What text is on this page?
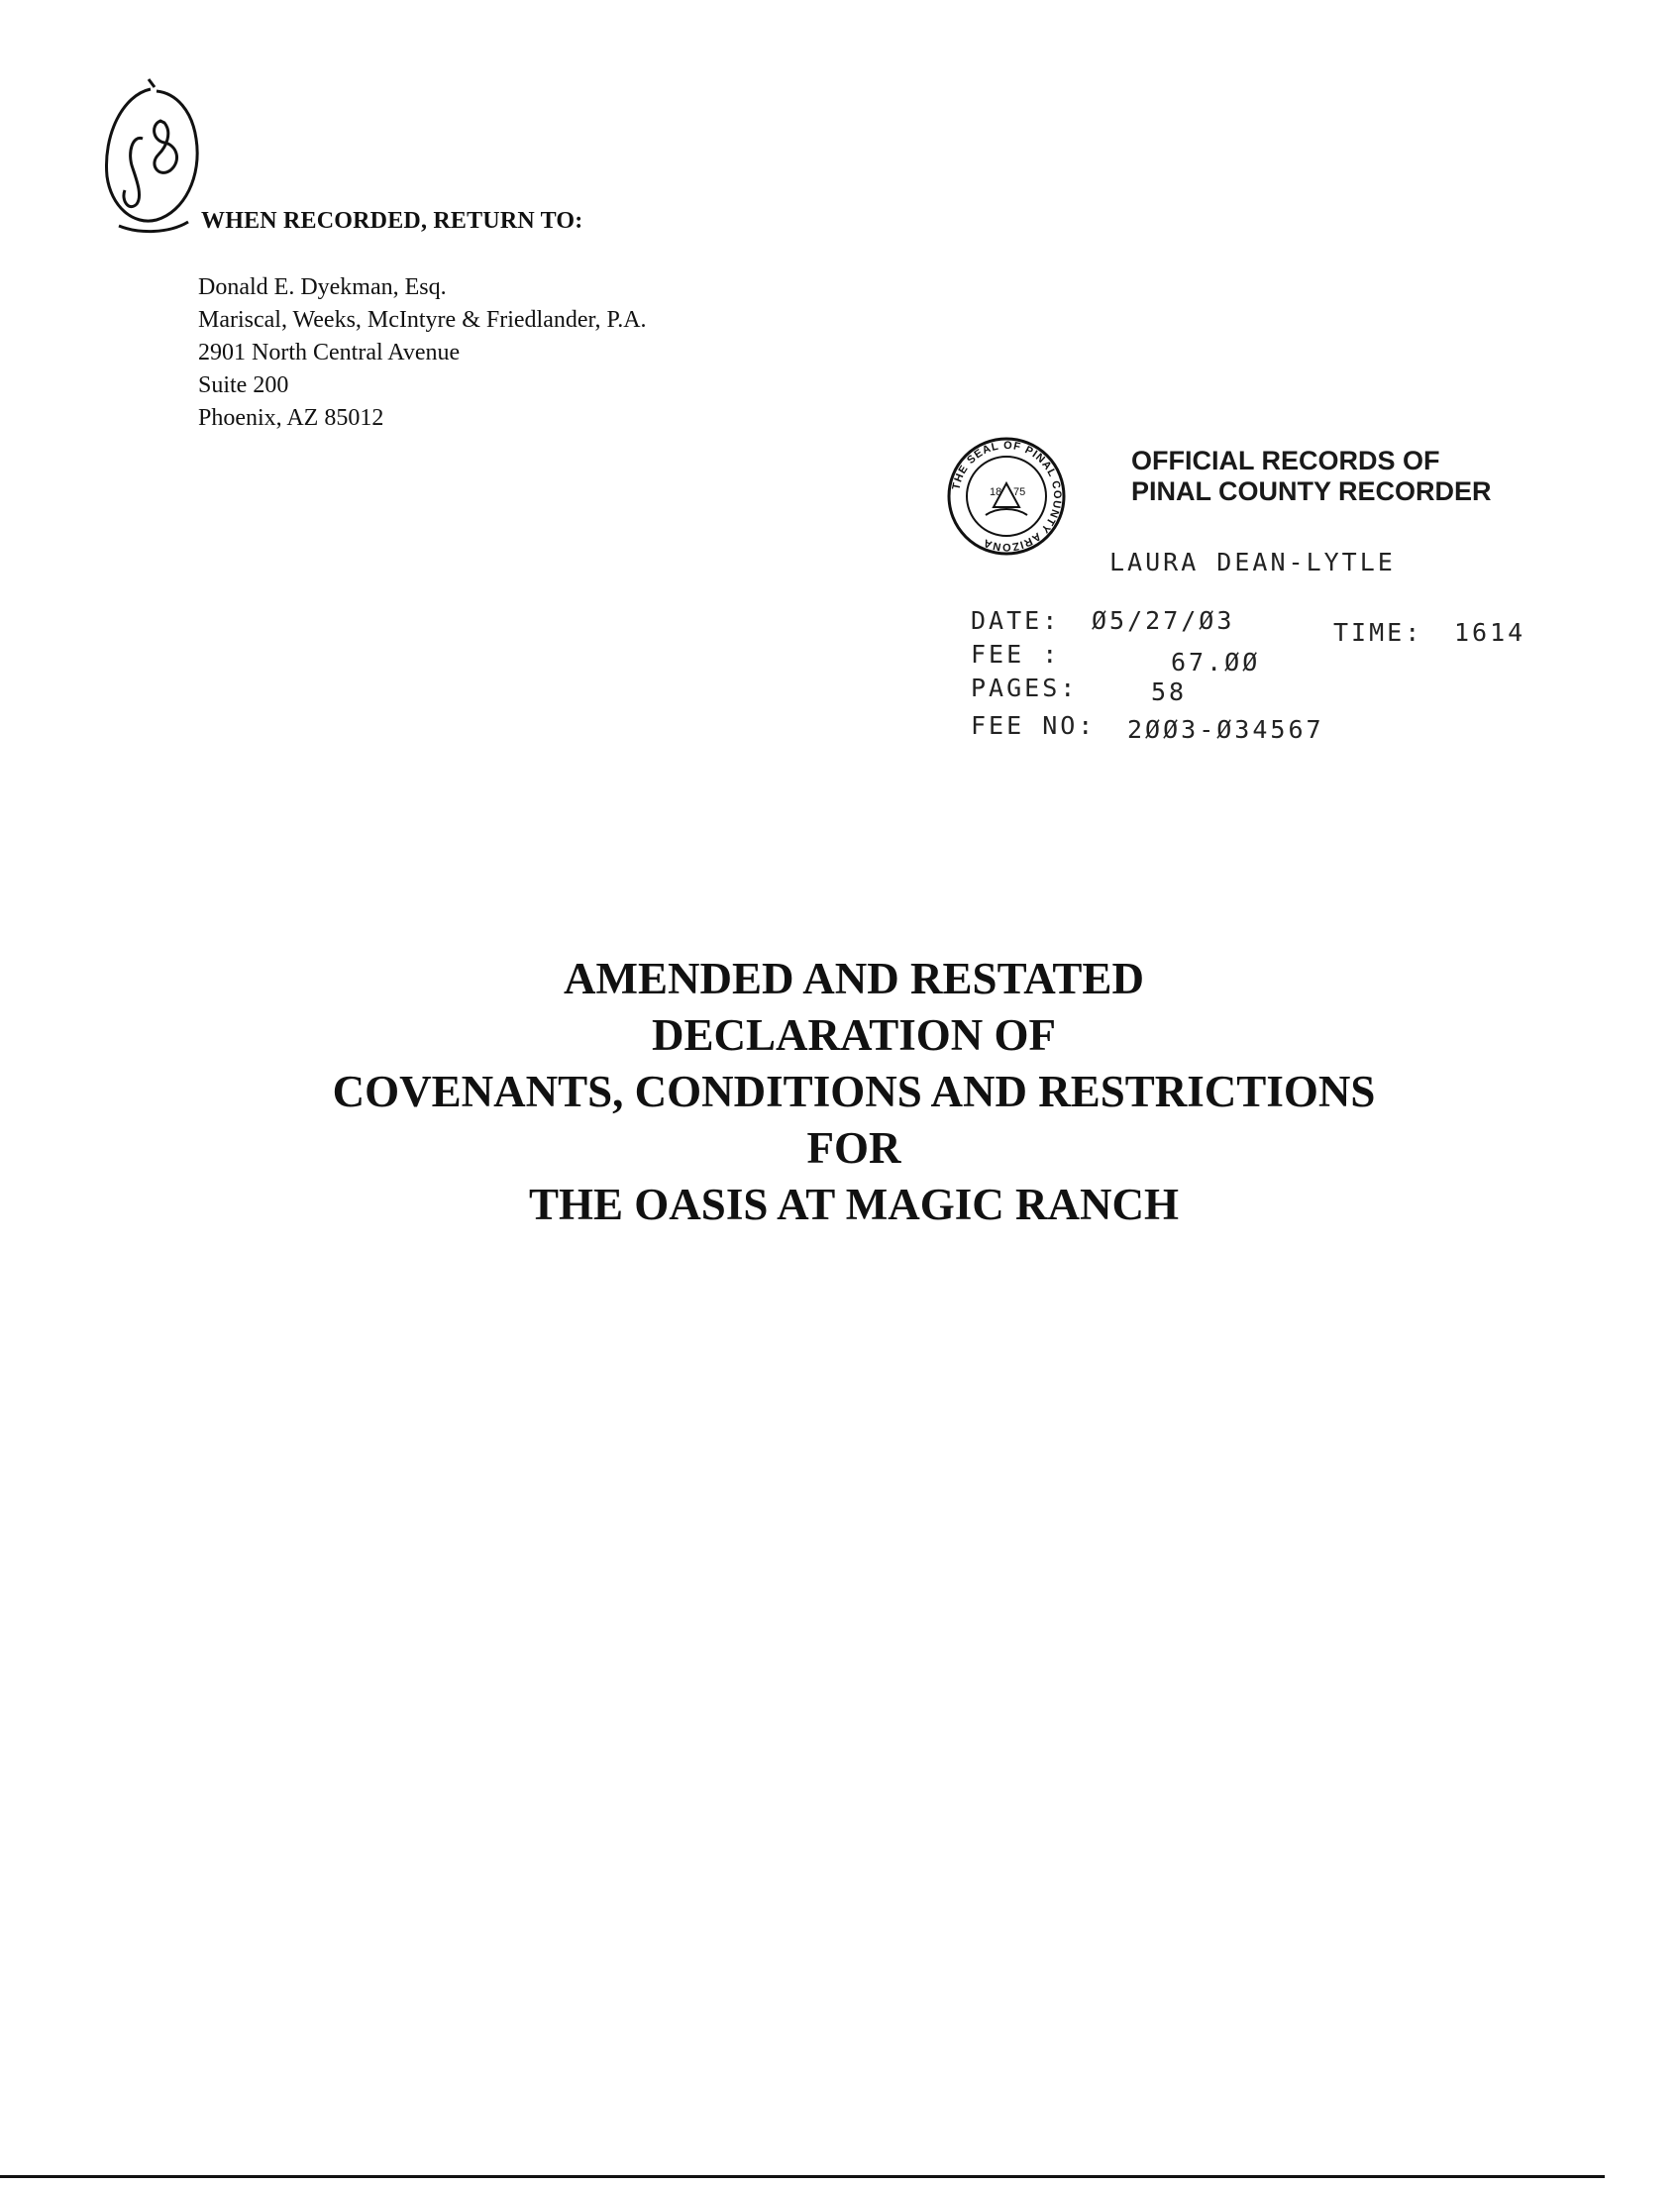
WHEN RECORDED, RETURN TO:
Donald E. Dyekman, Esq.
Mariscal, Weeks, McIntyre & Friedlander, P.A.
2901 North Central Avenue
Suite 200
Phoenix, AZ 85012
THE SEAL OF PINAL COUNTY ARIZONA
18 75
OFFICIAL RECORDS OF
PINAL COUNTY RECORDER
LAURA DEAN-LYTLE
DATE: Ø5/27/Ø3	TIME: 1614
FEE :	67.ØØ
PAGES:	58
FEE NO: 2ØØ3-Ø34567
AMENDED AND RESTATED
DECLARATION OF
COVENANTS, CONDITIONS AND RESTRICTIONS
FOR
THE OASIS AT MAGIC RANCH
